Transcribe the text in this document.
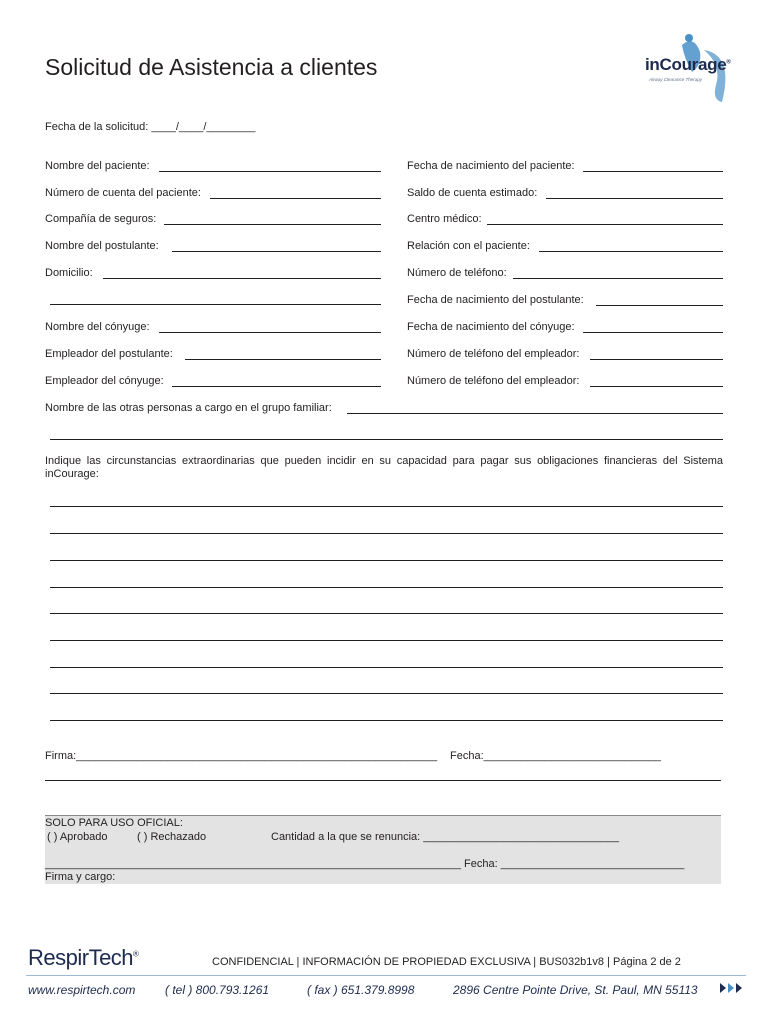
Solicitud de Asistencia a clientes	inCourage®
Airway Clearance Therapy
Fecha de la solicitud: ____/____/________
Nombre del paciente:	Fecha de nacimiento del paciente:
Número de cuenta del paciente:	Saldo de cuenta estimado:
Compañía de seguros:	Centro médico:
Nombre del postulante:	Relación con el paciente:
Domicilio:	Número de teléfono:
Fecha de nacimiento del postulante:
Nombre del cónyuge:	Fecha de nacimiento del cónyuge:
Empleador del postulante:	Número de teléfono del empleador:
Empleador del cónyuge:	Número de teléfono del empleador:
Nombre de las otras personas a cargo en el grupo familiar:
Indique las circunstancias extraordinarias que pueden incidir en su capacidad para pagar sus obligaciones financieras del Sistema inCourage:
Firma:___________________________________________________________ Fecha:_____________________________
SOLO PARA USO OFICIAL:
( ) Aprobado	( ) Rechazado	Cantidad a la que se renuncia: ________________________________
____________________________________________________________________ Fecha: ______________________________
Firma y cargo:
RespirTech®
CONFIDENCIAL | INFORMACIÓN DE PROPIEDAD EXCLUSIVA | BUS032b1v8 | Página 2 de 2
www.respirtech.com ( tel ) 800.793.1261	( fax ) 651.379.8998	2896 Centre Pointe Drive, St. Paul, MN 55113
